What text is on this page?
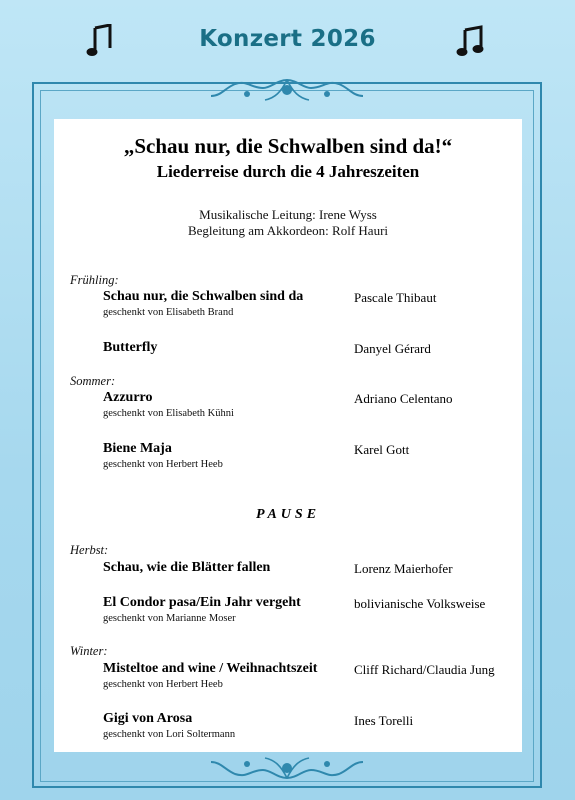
Konzert 2026
„Schau nur, die Schwalben sind da!“
Liederreise durch die 4 Jahreszeiten
Musikalische Leitung: Irene Wyss
Begleitung am Akkordeon: Rolf Hauri
Frühling:
Schau nur, die Schwalben sind da	Pascale Thibaut
geschenkt von Elisabeth Brand
Butterfly	Danyel Gérard
Sommer:
Azzurro	Adriano Celentano
geschenkt von Elisabeth Kühni
Biene Maja	Karel Gott
geschenkt von Herbert Heeb
PAUSE
Herbst:
Schau, wie die Blätter fallen	Lorenz Maierhofer
El Condor pasa/Ein Jahr vergeht	bolivianische Volksweise
geschenkt von Marianne Moser
Winter:
Misteltoe and wine / Weihnachtszeit	Cliff Richard/Claudia Jung
geschenkt von Herbert Heeb
Gigi von Arosa	Ines Torelli
geschenkt von Lori Soltermann
